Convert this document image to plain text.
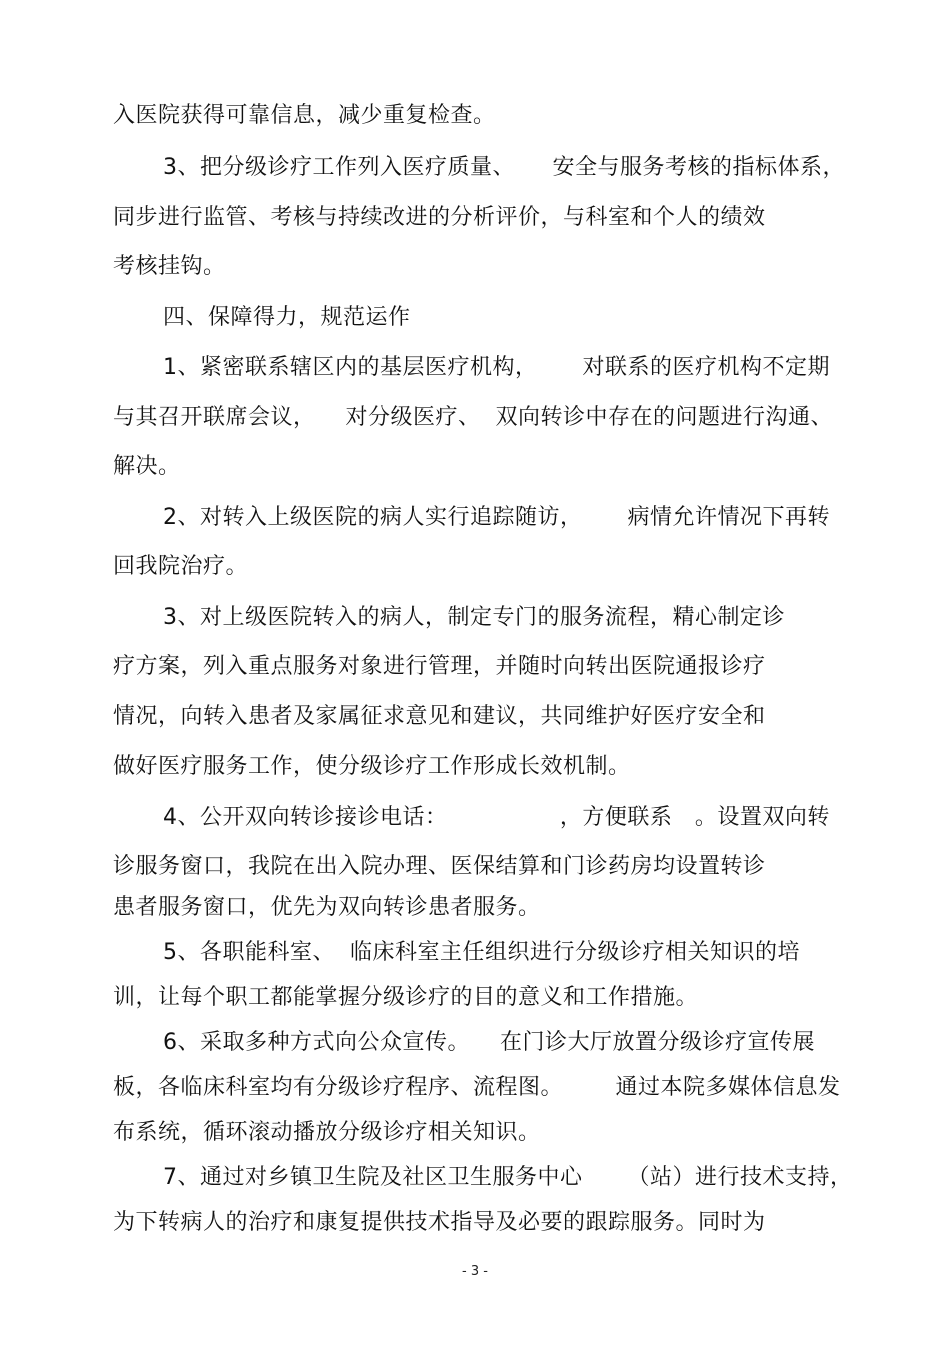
入医院获得可靠信息，减少重复检查。
3、把分级诊疗工作列入医疗质量、     安全与服务考核的指标体系，
同步进行监管、考核与持续改进的分析评价，与科室和个人的绩效
考核挂钩。
四、保障得力，规范运作
1、紧密联系辖区内的基层医疗机构，      对联系的医疗机构不定期
与其召开联席会议，    对分级医疗、  双向转诊中存在的问题进行沟通、
解决。
2、对转入上级医院的病人实行追踪随访，      病情允许情况下再转
回我院治疗。
3、对上级医院转入的病人，制定专门的服务流程，精心制定诊
疗方案，列入重点服务对象进行管理，并随时向转出医院通报诊疗
情况，向转入患者及家属征求意见和建议，共同维护好医疗安全和
做好医疗服务工作，使分级诊疗工作形成长效机制。
4、公开双向转诊接诊电话：               ，方便联系   。设置双向转
诊服务窗口，我院在出入院办理、医保结算和门诊药房均设置转诊
患者服务窗口，优先为双向转诊患者服务。
5、各职能科室、  临床科室主任组织进行分级诊疗相关知识的培
训，让每个职工都能掌握分级诊疗的目的意义和工作措施。
6、采取多种方式向公众宣传。    在门诊大厅放置分级诊疗宣传展
板，各临床科室均有分级诊疗程序、流程图。       通过本院多媒体信息发
布系统，循环滚动播放分级诊疗相关知识。
7、通过对乡镇卫生院及社区卫生服务中心      （站）进行技术支持，
为下转病人的治疗和康复提供技术指导及必要的跟踪服务。同时为
- 3 -
